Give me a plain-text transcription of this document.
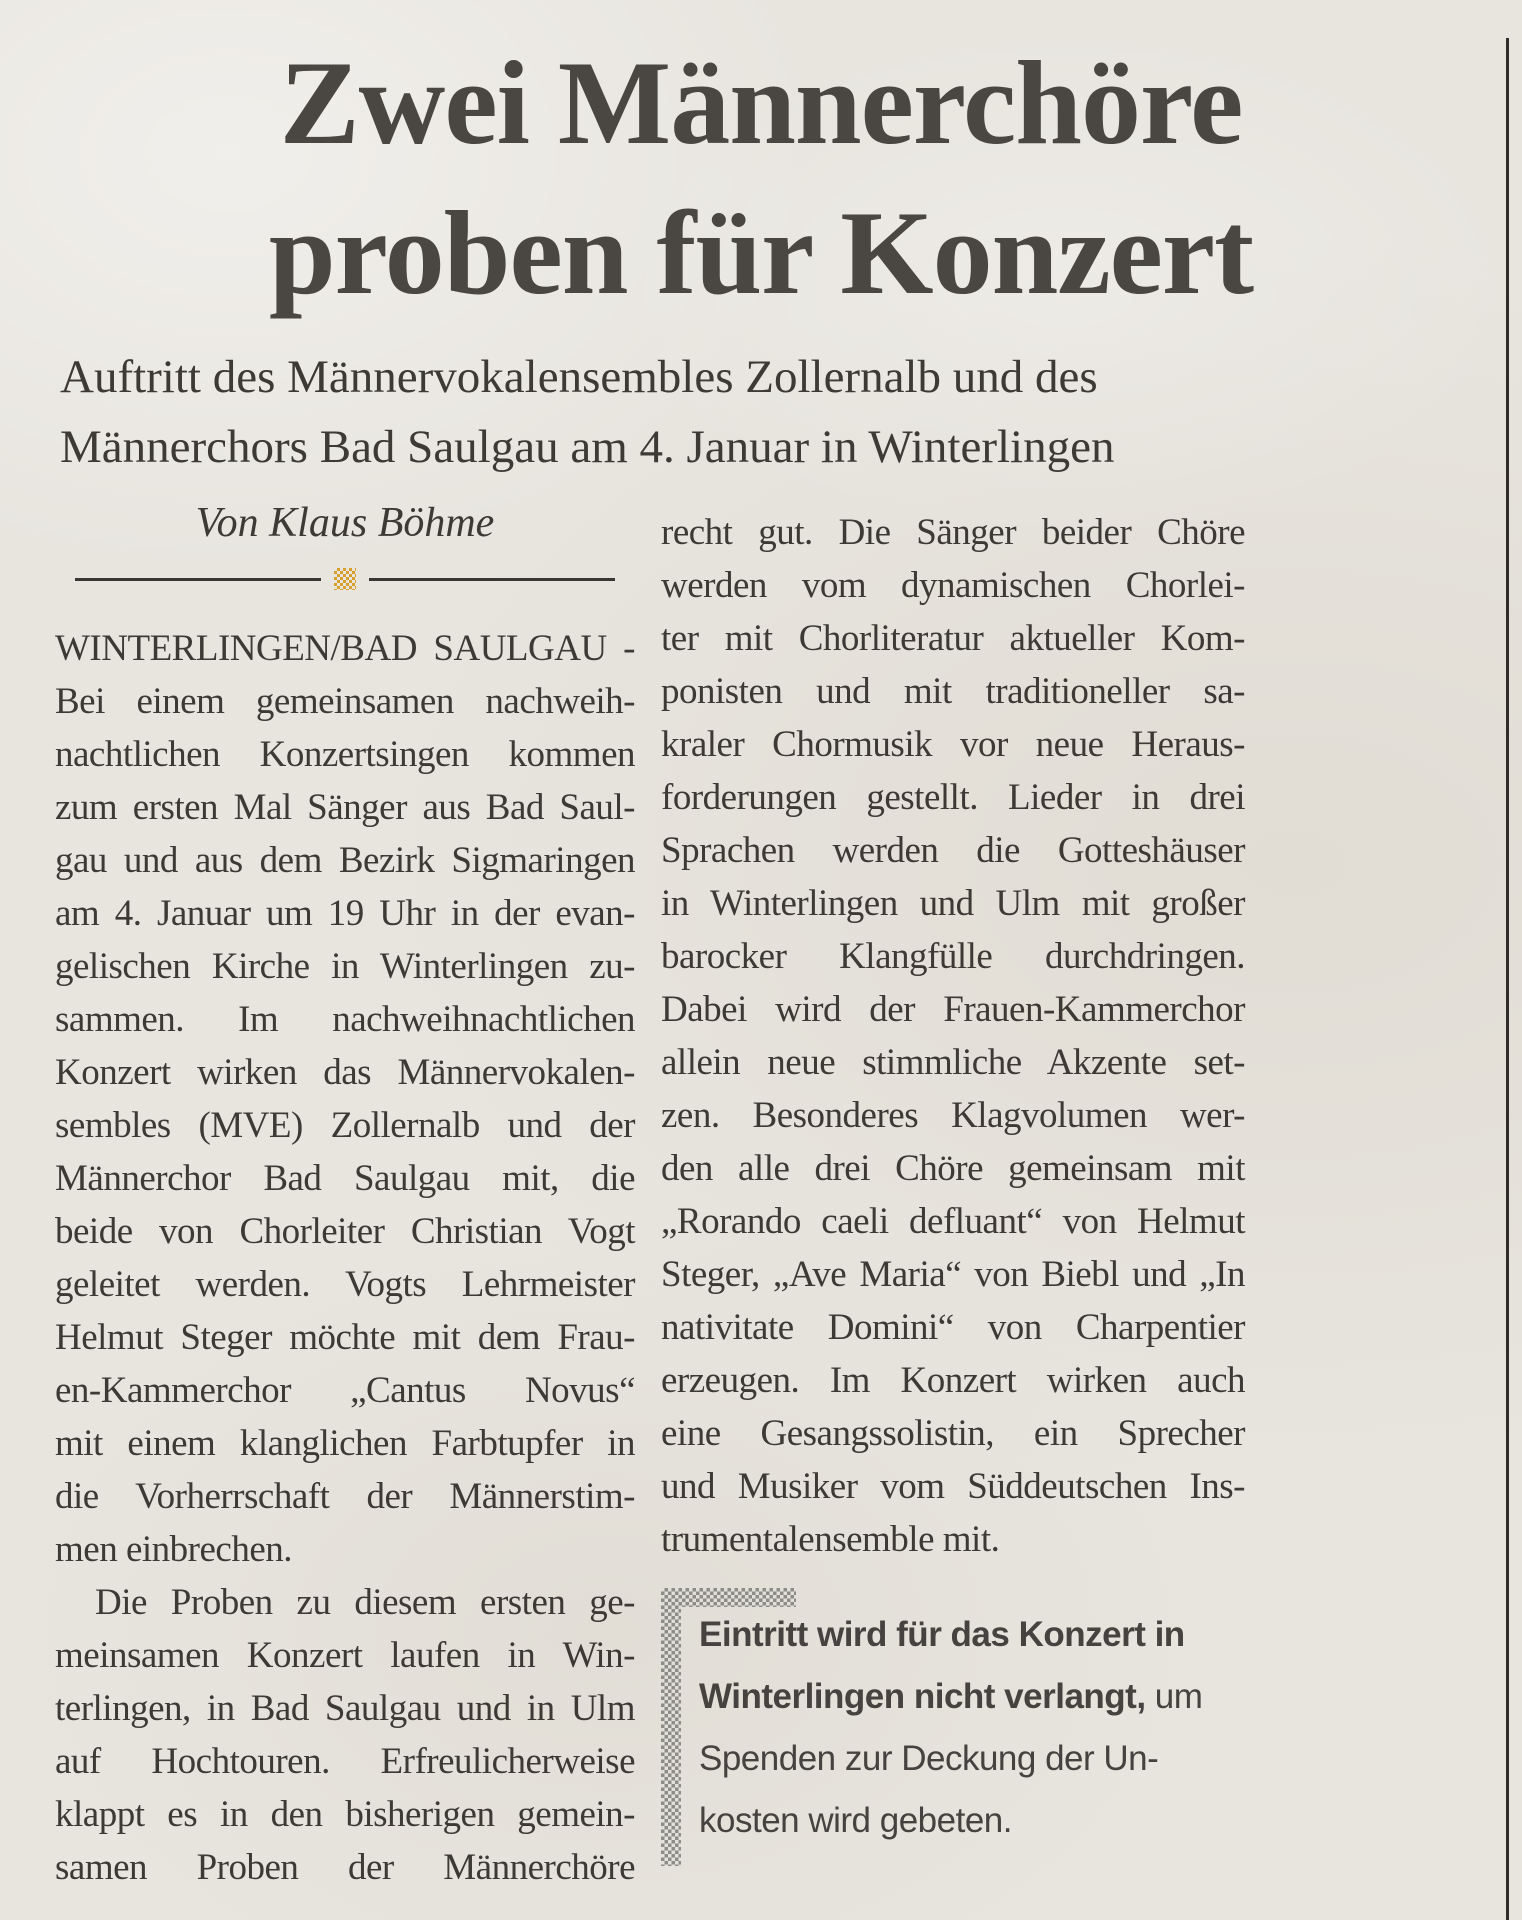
Zwei Männerchöre
proben für Konzert
Auftritt des Männervokalensembles Zollernalb und des
Männerchors Bad Saulgau am 4. Januar in Winterlingen
Von Klaus Böhme
WINTERLINGEN/BAD SAULGAU -
Bei einem gemeinsamen nachweih-
nachtlichen Konzertsingen kommen
zum ersten Mal Sänger aus Bad Saul-
gau und aus dem Bezirk Sigmaringen
am 4. Januar um 19 Uhr in der evan-
gelischen Kirche in Winterlingen zu-
sammen. Im nachweihnachtlichen
Konzert wirken das Männervokalen-
sembles (MVE) Zollernalb und der
Männerchor Bad Saulgau mit, die
beide von Chorleiter Christian Vogt
geleitet werden. Vogts Lehrmeister
Helmut Steger möchte mit dem Frau-
en-Kammerchor „Cantus Novus“
mit einem klanglichen Farbtupfer in
die Vorherrschaft der Männerstim-
men einbrechen.
Die Proben zu diesem ersten ge-
meinsamen Konzert laufen in Win-
terlingen, in Bad Saulgau und in Ulm
auf Hochtouren. Erfreulicherweise
klappt es in den bisherigen gemein-
samen Proben der Männerchöre
recht gut. Die Sänger beider Chöre
werden vom dynamischen Chorlei-
ter mit Chorliteratur aktueller Kom-
ponisten und mit traditioneller sa-
kraler Chormusik vor neue Heraus-
forderungen gestellt. Lieder in drei
Sprachen werden die Gotteshäuser
in Winterlingen und Ulm mit großer
barocker Klangfülle durchdringen.
Dabei wird der Frauen-Kammerchor
allein neue stimmliche Akzente set-
zen. Besonderes Klagvolumen wer-
den alle drei Chöre gemeinsam mit
„Rorando caeli defluant“ von Helmut
Steger, „Ave Maria“ von Biebl und „In
nativitate Domini“ von Charpentier
erzeugen. Im Konzert wirken auch
eine Gesangssolistin, ein Sprecher
und Musiker vom Süddeutschen Ins-
trumentalensemble mit.
Eintritt wird für das Konzert in
Winterlingen nicht verlangt, um
Spenden zur Deckung der Un-
kosten wird gebeten.
